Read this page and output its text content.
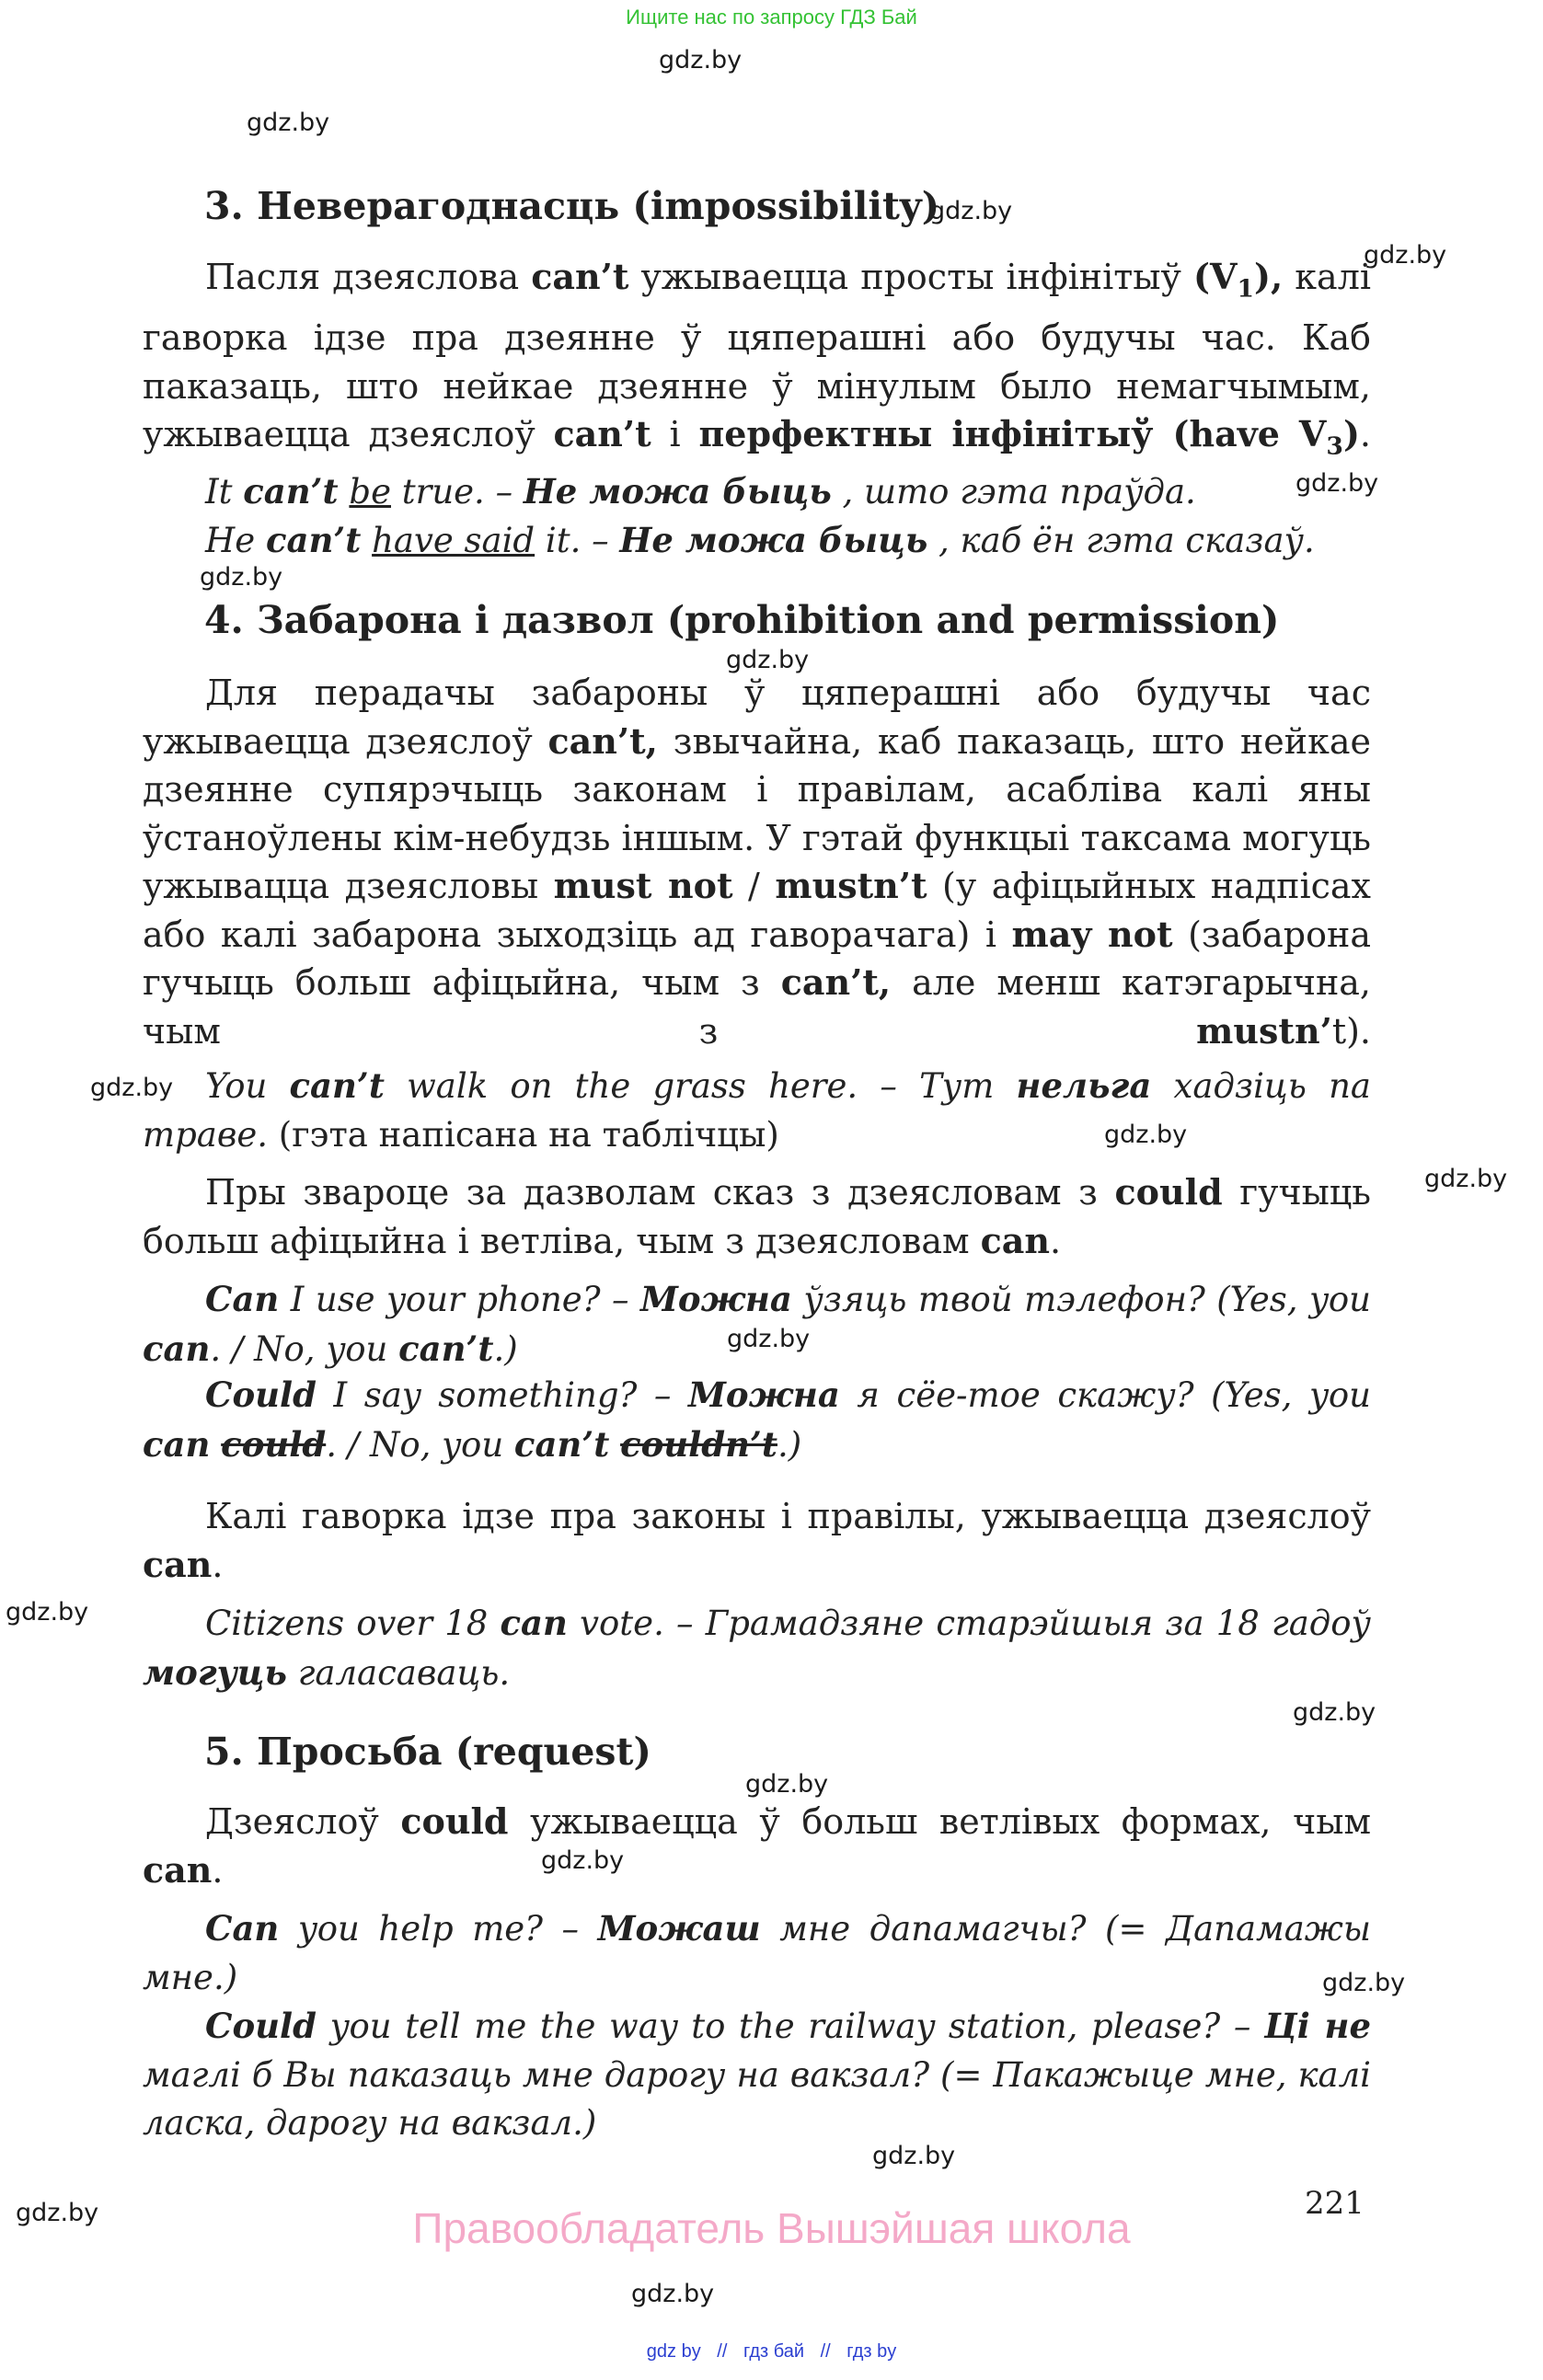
Ищите нас по запросу ГДЗ Бай
gdz.by
gdz.by
gdz.by
gdz.by
gdz.by
gdz.by
gdz.by
gdz.by
gdz.by
gdz.by
gdz.by
gdz.by
gdz.by
gdz.by
gdz.by
gdz.by
gdz.by
gdz.by
gdz.by
3. Неверагоднасць (impossibility)
Пасля дзеяслова can’t ужываецца просты інфінітыў $(V_1)$, калі гаворка ідзе пра дзеянне ў цяперашні або будучы час. Каб паказаць, што нейкае дзеянне ў мінулым было немагчымым, ужываецца дзеяслоў can’t і перфектны інфінітыў (have $V_3$).
It can’t be true. – Не можа быць , што гэта праўда.
He can’t have said it. – Не можа быць , каб ён гэта сказаў.
4. Забарона і дазвол (prohibition and permission)
Для перадачы забароны ў цяперашні або будучы час ужываецца дзеяслоў can’t, звычайна, каб паказаць, што нейкае дзеянне супярэчыць законам і правілам, асабліва калі яны ўстаноўлены кім-небудзь іншым. У гэтай функцыі таксама могуць ужывацца дзеясловы must not / mustn’t (у афіцыйных надпісах або калі забарона зыходзіць ад гаворачага) і may not (забарона гучыць больш афіцыйна, чым з can’t, але менш катэгарычна, чым з mustn’t).
You can’t walk on the grass here. – Тут нельга хадзіць па траве. (гэта напісана на таблічцы)
Пры звароце за дазволам сказ з дзеясловам з could гучыць больш афіцыйна і ветліва, чым з дзеясловам can.
Can I use your phone? – Можна ўзяць твой тэлефон? (Yes, you can. / No, you can’t.)
Could I say something? – Можна я сёе-тое скажу? (Yes, you can could. / No, you can’t couldn’t.)
Калі гаворка ідзе пра законы і правілы, ужываецца дзеяслоў can.
Citizens over 18 can vote. – Грамадзяне старэйшыя за 18 гадоў могуць галасаваць.
5. Просьба (request)
Дзеяслоў could ужываецца ў больш ветлівых формах, чым can.
Can you help me? – Можаш мне дапамагчы? (= Дапамажы мне.)
Could you tell me the way to the railway station, please? – Ці не маглі б Вы паказаць мне дарогу на вакзал? (= Пакажыце мне, калі ласка, дарогу на вакзал.)
221
Правообладатель Вышэйшая школа
gdz by // гдз бай // гдз by
